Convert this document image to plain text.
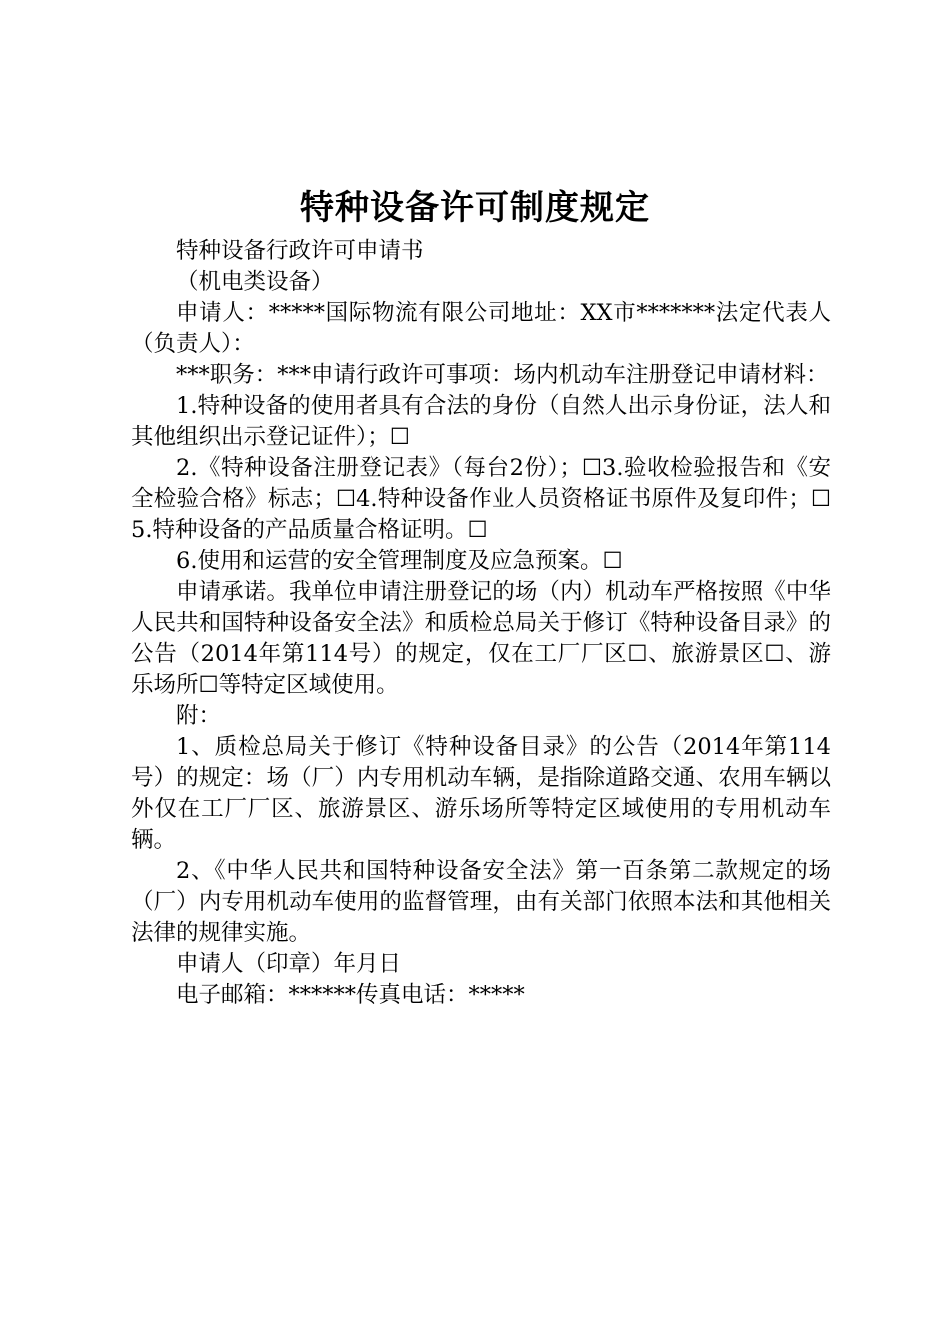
特种设备许可制度规定

特种设备行政许可申请书

（机电类设备）

申请人：*****国际物流有限公司地址：XX市*******法定代表人（负责人）：

***职务：***申请行政许可事项：场内机动车注册登记申请材料：

1.特种设备的使用者具有合法的身份（自然人出示身份证，法人和其他组织出示登记证件）；☐

2.《特种设备注册登记表》（每台2份）；☐3.验收检验报告和《安全检验合格》标志；☐4.特种设备作业人员资格证书原件及复印件；☐5.特种设备的产品质量合格证明。☐

6.使用和运营的安全管理制度及应急预案。☐

申请承诺。我单位申请注册登记的场（内）机动车严格按照《中华人民共和国特种设备安全法》和质检总局关于修订《特种设备目录》的公告（2014年第114号）的规定，仅在工厂厂区☐、旅游景区☐、游乐场所☐等特定区域使用。

附：

1、质检总局关于修订《特种设备目录》的公告（2014年第114号）的规定：场（厂）内专用机动车辆，是指除道路交通、农用车辆以外仅在工厂厂区、旅游景区、游乐场所等特定区域使用的专用机动车辆。

2、《中华人民共和国特种设备安全法》第一百条第二款规定的场（厂）内专用机动车使用的监督管理，由有关部门依照本法和其他相关法律的规律实施。

申请人（印章）年月日

电子邮箱：******传真电话：*****
